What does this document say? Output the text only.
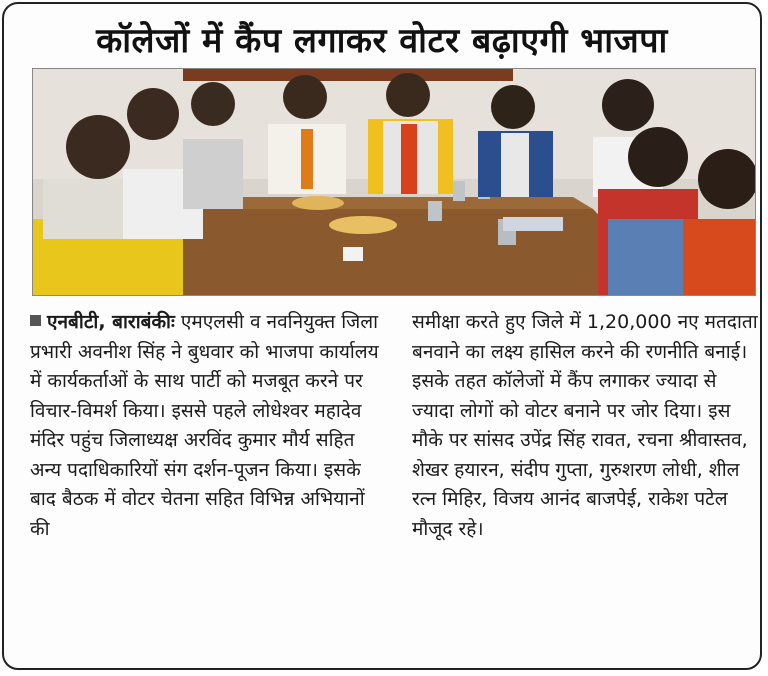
कॉलेजों में कैंप लगाकर वोटर बढ़ाएगी भाजपा

एनबीटी, बाराबंकीः एमएलसी व नवनियुक्त जिला प्रभारी अवनीश सिंह ने बुधवार को भाजपा कार्यालय में कार्यकर्ताओं के साथ पार्टी को मजबूत करने पर विचार-विमर्श किया। इससे पहले लोधेश्वर महादेव मंदिर पहुंच जिलाध्यक्ष अरविंद कुमार मौर्य सहित अन्य पदाधिकारियों संग दर्शन-पूजन किया। इसके बाद बैठक में वोटर चेतना सहित विभिन्न अभियानों की

समीक्षा करते हुए जिले में 1,20,000 नए मतदाता बनवाने का लक्ष्य हासिल करने की रणनीति बनाई। इसके तहत कॉलेजों में कैंप लगाकर ज्यादा से ज्यादा लोगों को वोटर बनाने पर जोर दिया। इस मौके पर सांसद उपेंद्र सिंह रावत, रचना श्रीवास्तव, शेखर हयारन, संदीप गुप्ता, गुरुशरण लोधी, शील रत्न मिहिर, विजय आनंद बाजपेई, राकेश पटेल मौजूद रहे।
